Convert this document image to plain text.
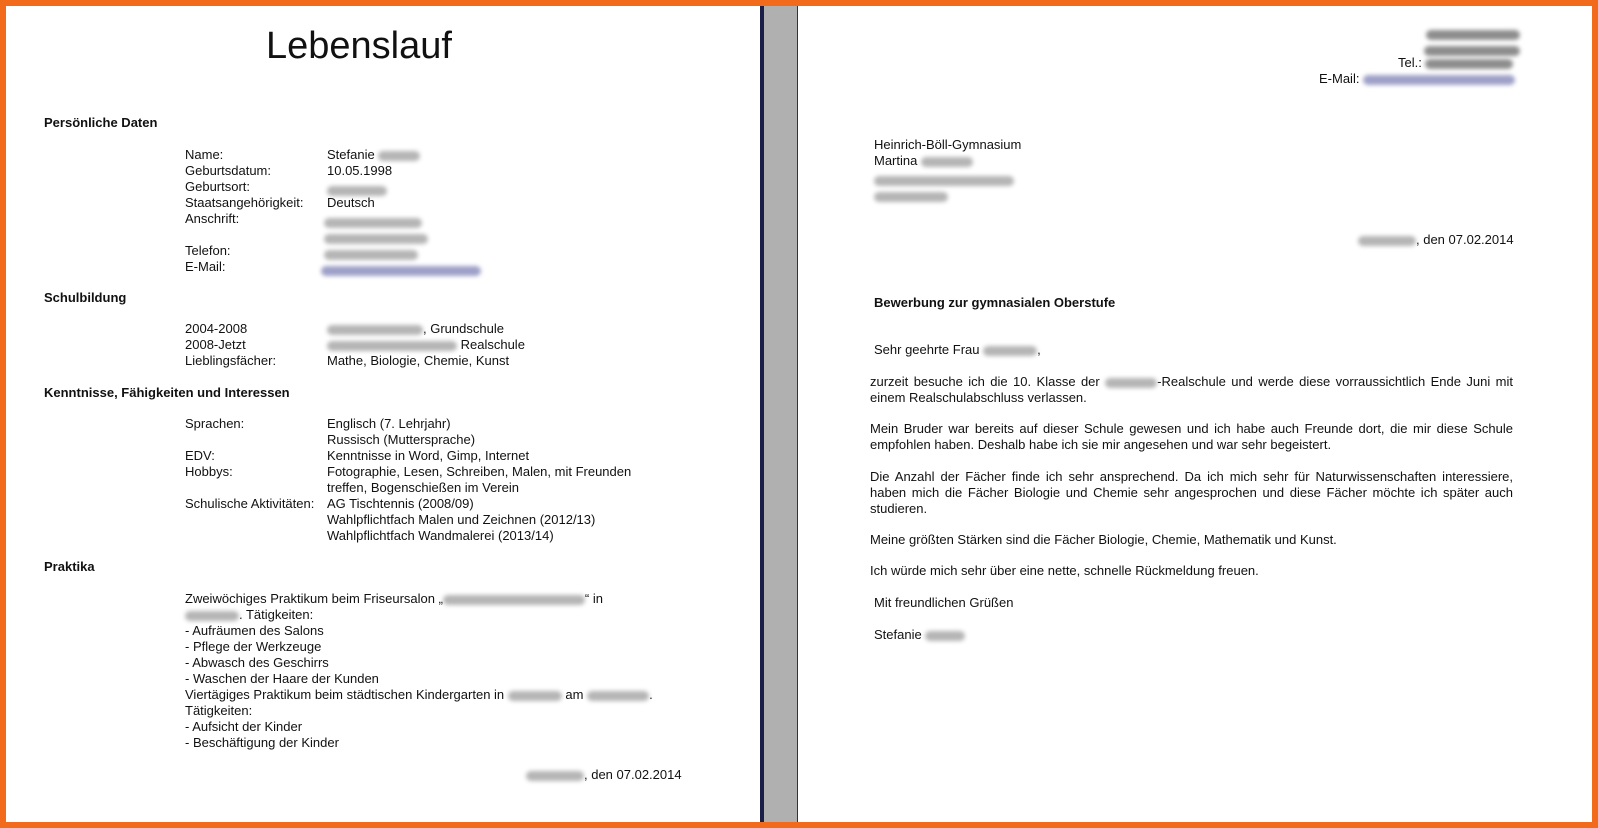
Lebenslauf
Persönliche Daten
Name:	Stefanie
Geburtsdatum:	10.05.1998
Geburtsort:
Staatsangehörigkeit: Deutsch
Anschrift:
Telefon:
E-Mail:
Schulbildung
2004-2008	, Grundschule
2008-Jetzt	Realschule
Lieblingsfächer:	Mathe, Biologie, Chemie, Kunst
Kenntnisse, Fähigkeiten und Interessen
Sprachen:	Englisch (7. Lehrjahr)
Russisch (Muttersprache)
EDV:	Kenntnisse in Word, Gimp, Internet
Hobbys:	Fotographie, Lesen, Schreiben, Malen, mit Freunden
treffen, Bogenschießen im Verein
Schulische Aktivitäten: AG Tischtennis (2008/09)
Wahlpflichtfach Malen und Zeichnen (2012/13)
Wahlpflichtfach Wandmalerei (2013/14)
Praktika
Zweiwöchiges Praktikum beim Friseursalon „	“ in
. Tätigkeiten:
- Aufräumen des Salons
- Pflege der Werkzeuge
- Abwasch des Geschirrs
- Waschen der Haare der Kunden
Viertägiges Praktikum beim städtischen Kindergarten in	am	.
Tätigkeiten:
- Aufsicht der Kinder
- Beschäftigung der Kinder
, den 07.02.2014
Tel.:
E-Mail:
Heinrich-Böll-Gymnasium
Martina
, den 07.02.2014
Bewerbung zur gymnasialen Oberstufe
Sehr geehrte Frau	,
zurzeit besuche ich die 10. Klasse der	-Realschule und werde diese vorraussichtlich Ende Juni mit einem Realschulabschluss verlassen.
Mein Bruder war bereits auf dieser Schule gewesen und ich habe auch Freunde dort, die mir diese Schule empfohlen haben. Deshalb habe ich sie mir angesehen und war sehr begeistert.
Die Anzahl der Fächer finde ich sehr ansprechend. Da ich mich sehr für Naturwissenschaften interessiere, haben mich die Fächer Biologie und Chemie sehr angesprochen und diese Fächer möchte ich später auch studieren.
Meine größten Stärken sind die Fächer Biologie, Chemie, Mathematik und Kunst.
Ich würde mich sehr über eine nette, schnelle Rückmeldung freuen.
Mit freundlichen Grüßen
Stefanie
